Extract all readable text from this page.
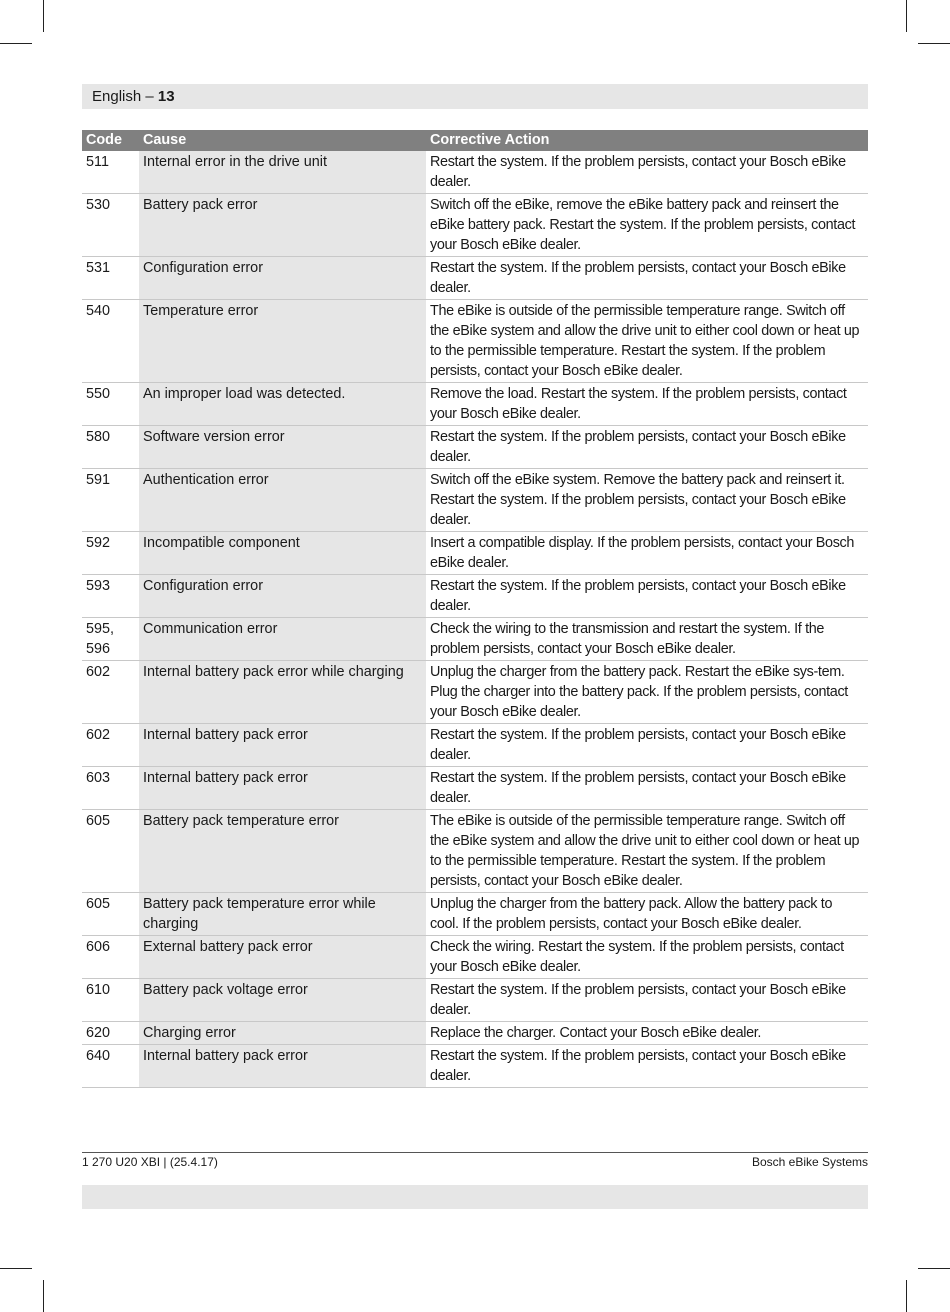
English – 13
Code	Cause	Corrective Action
511	Internal error in the drive unit	Restart the system. If the problem persists, contact your Bosch eBike dealer.
530	Battery pack error	Switch off the eBike, remove the eBike battery pack and reinsert the eBike battery pack. Restart the system. If the problem persists, contact your Bosch eBike dealer.
531	Configuration error	Restart the system. If the problem persists, contact your Bosch eBike dealer.
540	Temperature error	The eBike is outside of the permissible temperature range. Switch off the eBike system and allow the drive unit to either cool down or heat up to the permissible temperature. Restart the system. If the problem persists, contact your Bosch eBike dealer.
550	An improper load was detected.	Remove the load. Restart the system. If the problem persists, contact your Bosch eBike dealer.
580	Software version error	Restart the system. If the problem persists, contact your Bosch eBike dealer.
591	Authentication error	Switch off the eBike system. Remove the battery pack and reinsert it. Restart the system. If the problem persists, contact your Bosch eBike dealer.
592	Incompatible component	Insert a compatible display. If the problem persists, contact your Bosch eBike dealer.
593	Configuration error	Restart the system. If the problem persists, contact your Bosch eBike dealer.
595, 596	Communication error	Check the wiring to the transmission and restart the system. If the problem persists, contact your Bosch eBike dealer.
602	Internal battery pack error while charging	Unplug the charger from the battery pack. Restart the eBike sys-tem. Plug the charger into the battery pack. If the problem persists, contact your Bosch eBike dealer.
602	Internal battery pack error	Restart the system. If the problem persists, contact your Bosch eBike dealer.
603	Internal battery pack error	Restart the system. If the problem persists, contact your Bosch eBike dealer.
605	Battery pack temperature error	The eBike is outside of the permissible temperature range. Switch off the eBike system and allow the drive unit to either cool down or heat up to the permissible temperature. Restart the system. If the problem persists, contact your Bosch eBike dealer.
605	Battery pack temperature error while charging	Unplug the charger from the battery pack. Allow the battery pack to cool. If the problem persists, contact your Bosch eBike dealer.
606	External battery pack error	Check the wiring. Restart the system. If the problem persists, contact your Bosch eBike dealer.
610	Battery pack voltage error	Restart the system. If the problem persists, contact your Bosch eBike dealer.
620	Charging error	Replace the charger. Contact your Bosch eBike dealer.
640	Internal battery pack error	Restart the system. If the problem persists, contact your Bosch eBike dealer.
1 270 U20 XBI | (25.4.17)	Bosch eBike Systems
